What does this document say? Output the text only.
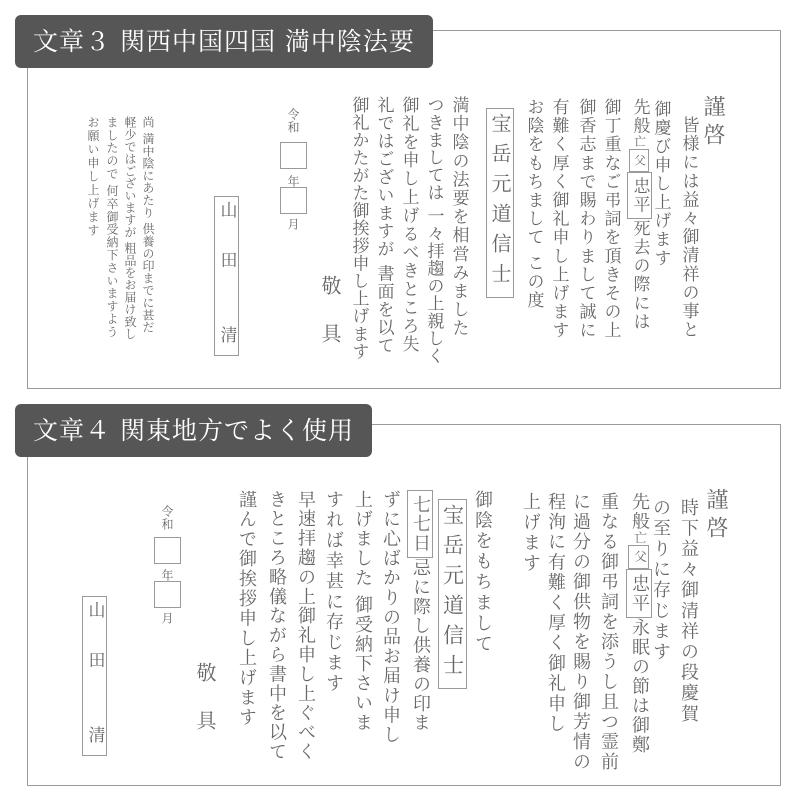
文章３ 関西中国四国 満中陰法要
文章４ 関東地方でよく使用
謹啓
皆様には益々御清祥の事と
御慶び申し上げます
先般亡父忠平死去の際には
御丁重なご弔詞を頂きその上
御香志まで賜わりまして誠に
有難く厚く御礼申し上げます
お陰をもちまして この度
宝岳元道信士
満中陰の法要を相営みました
つきましては 一々拝趨の上親しく
御礼を申し上げるべきところ失
礼ではございますが 書面を以て
御礼かたがた御挨拶申し上げます
敬　具
令和
年
月
山　田　　清
尚 満中陰にあたり 供養の印までに甚だ
軽少ではございますが 粗品をお届け致し
ましたので 何卒御受納下さいますよう
お願い申し上げます
謹啓
時下益々御清祥の段慶賀
の至りに存じます
先般亡父忠平永眠の節は御鄭
重なる御弔詞を添うし且つ霊前
に過分の御供物を賜り御芳情の
程洵に有難く厚く御礼申し
上げます
御陰をもちまして
宝岳元道信士
七七日忌に際し供養の印ま
ずに心ばかりの品お届け申し
上げました 御受納下さいま
すれば幸甚に存じます
早速拝趨の上御礼申し上ぐべく
きところ略儀ながら書中を以て
謹んで御挨拶申し上げます
敬　具
令和
年
月
山　田　　清
